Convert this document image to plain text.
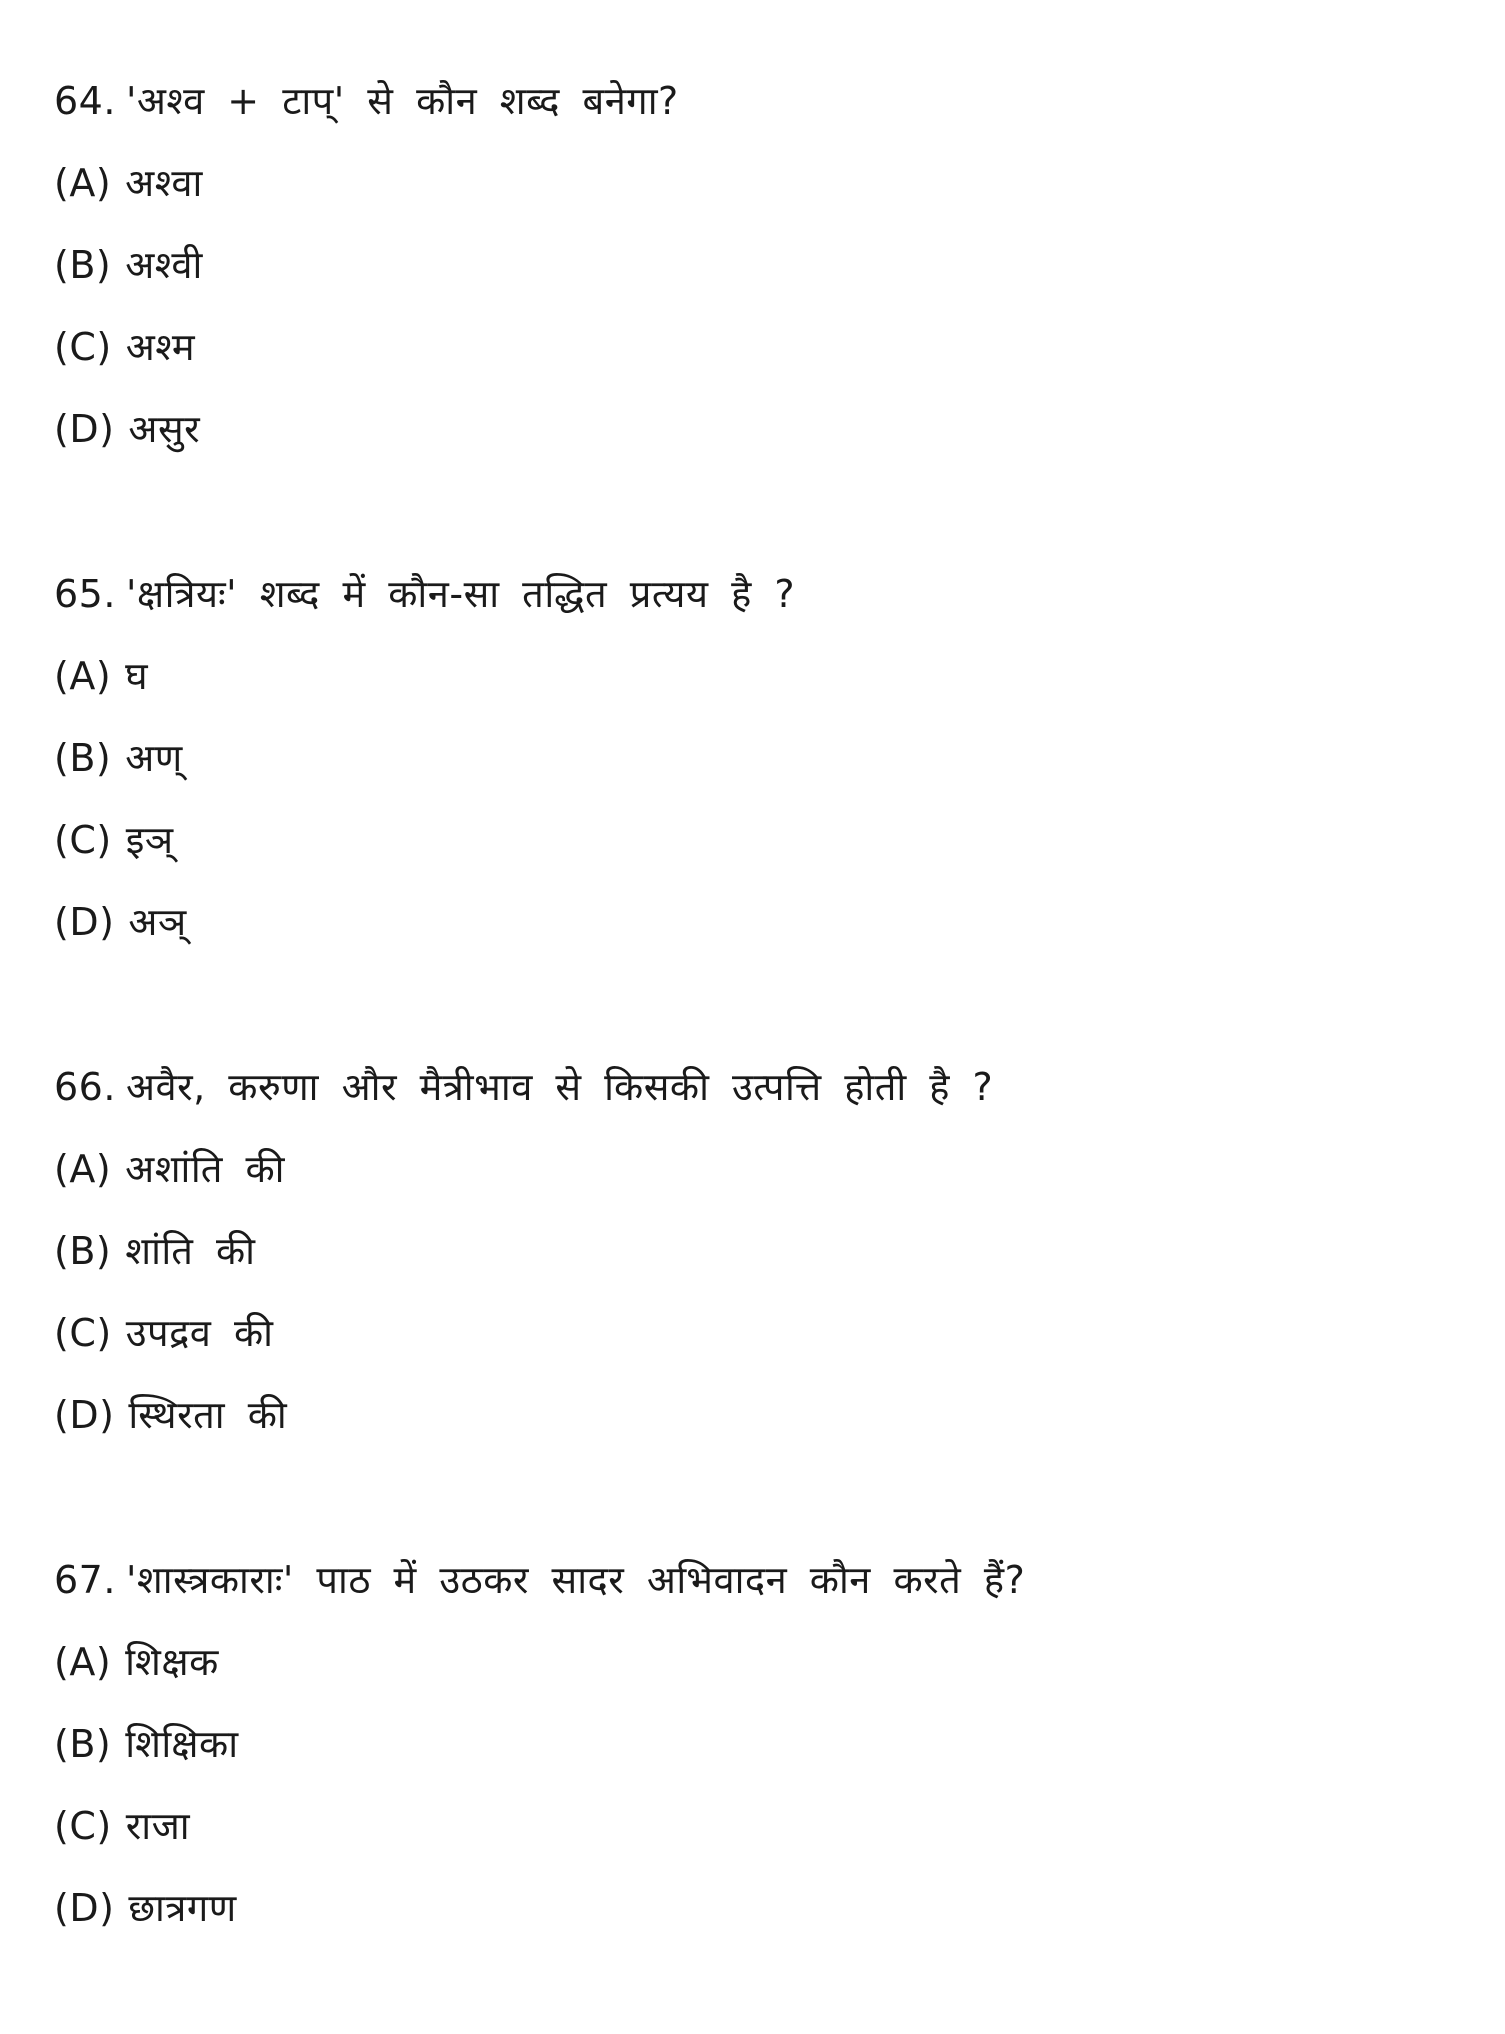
64. 'अश्व + टाप्' से कौन शब्द बनेगा?
(A) अश्वा
(B) अश्वी
(C) अश्म
(D) असुर
65. 'क्षत्रियः' शब्द में कौन-सा तद्धित प्रत्यय है ?
(A) घ
(B) अण्
(C) इञ्
(D) अञ्
66. अवैर, करुणा और मैत्रीभाव से किसकी उत्पत्ति होती है ?
(A) अशांति की
(B) शांति की
(C) उपद्रव की
(D) स्थिरता की
67. 'शास्त्रकाराः' पाठ में उठकर सादर अभिवादन कौन करते हैं?
(A) शिक्षक
(B) शिक्षिका
(C) राजा
(D) छात्रगण
